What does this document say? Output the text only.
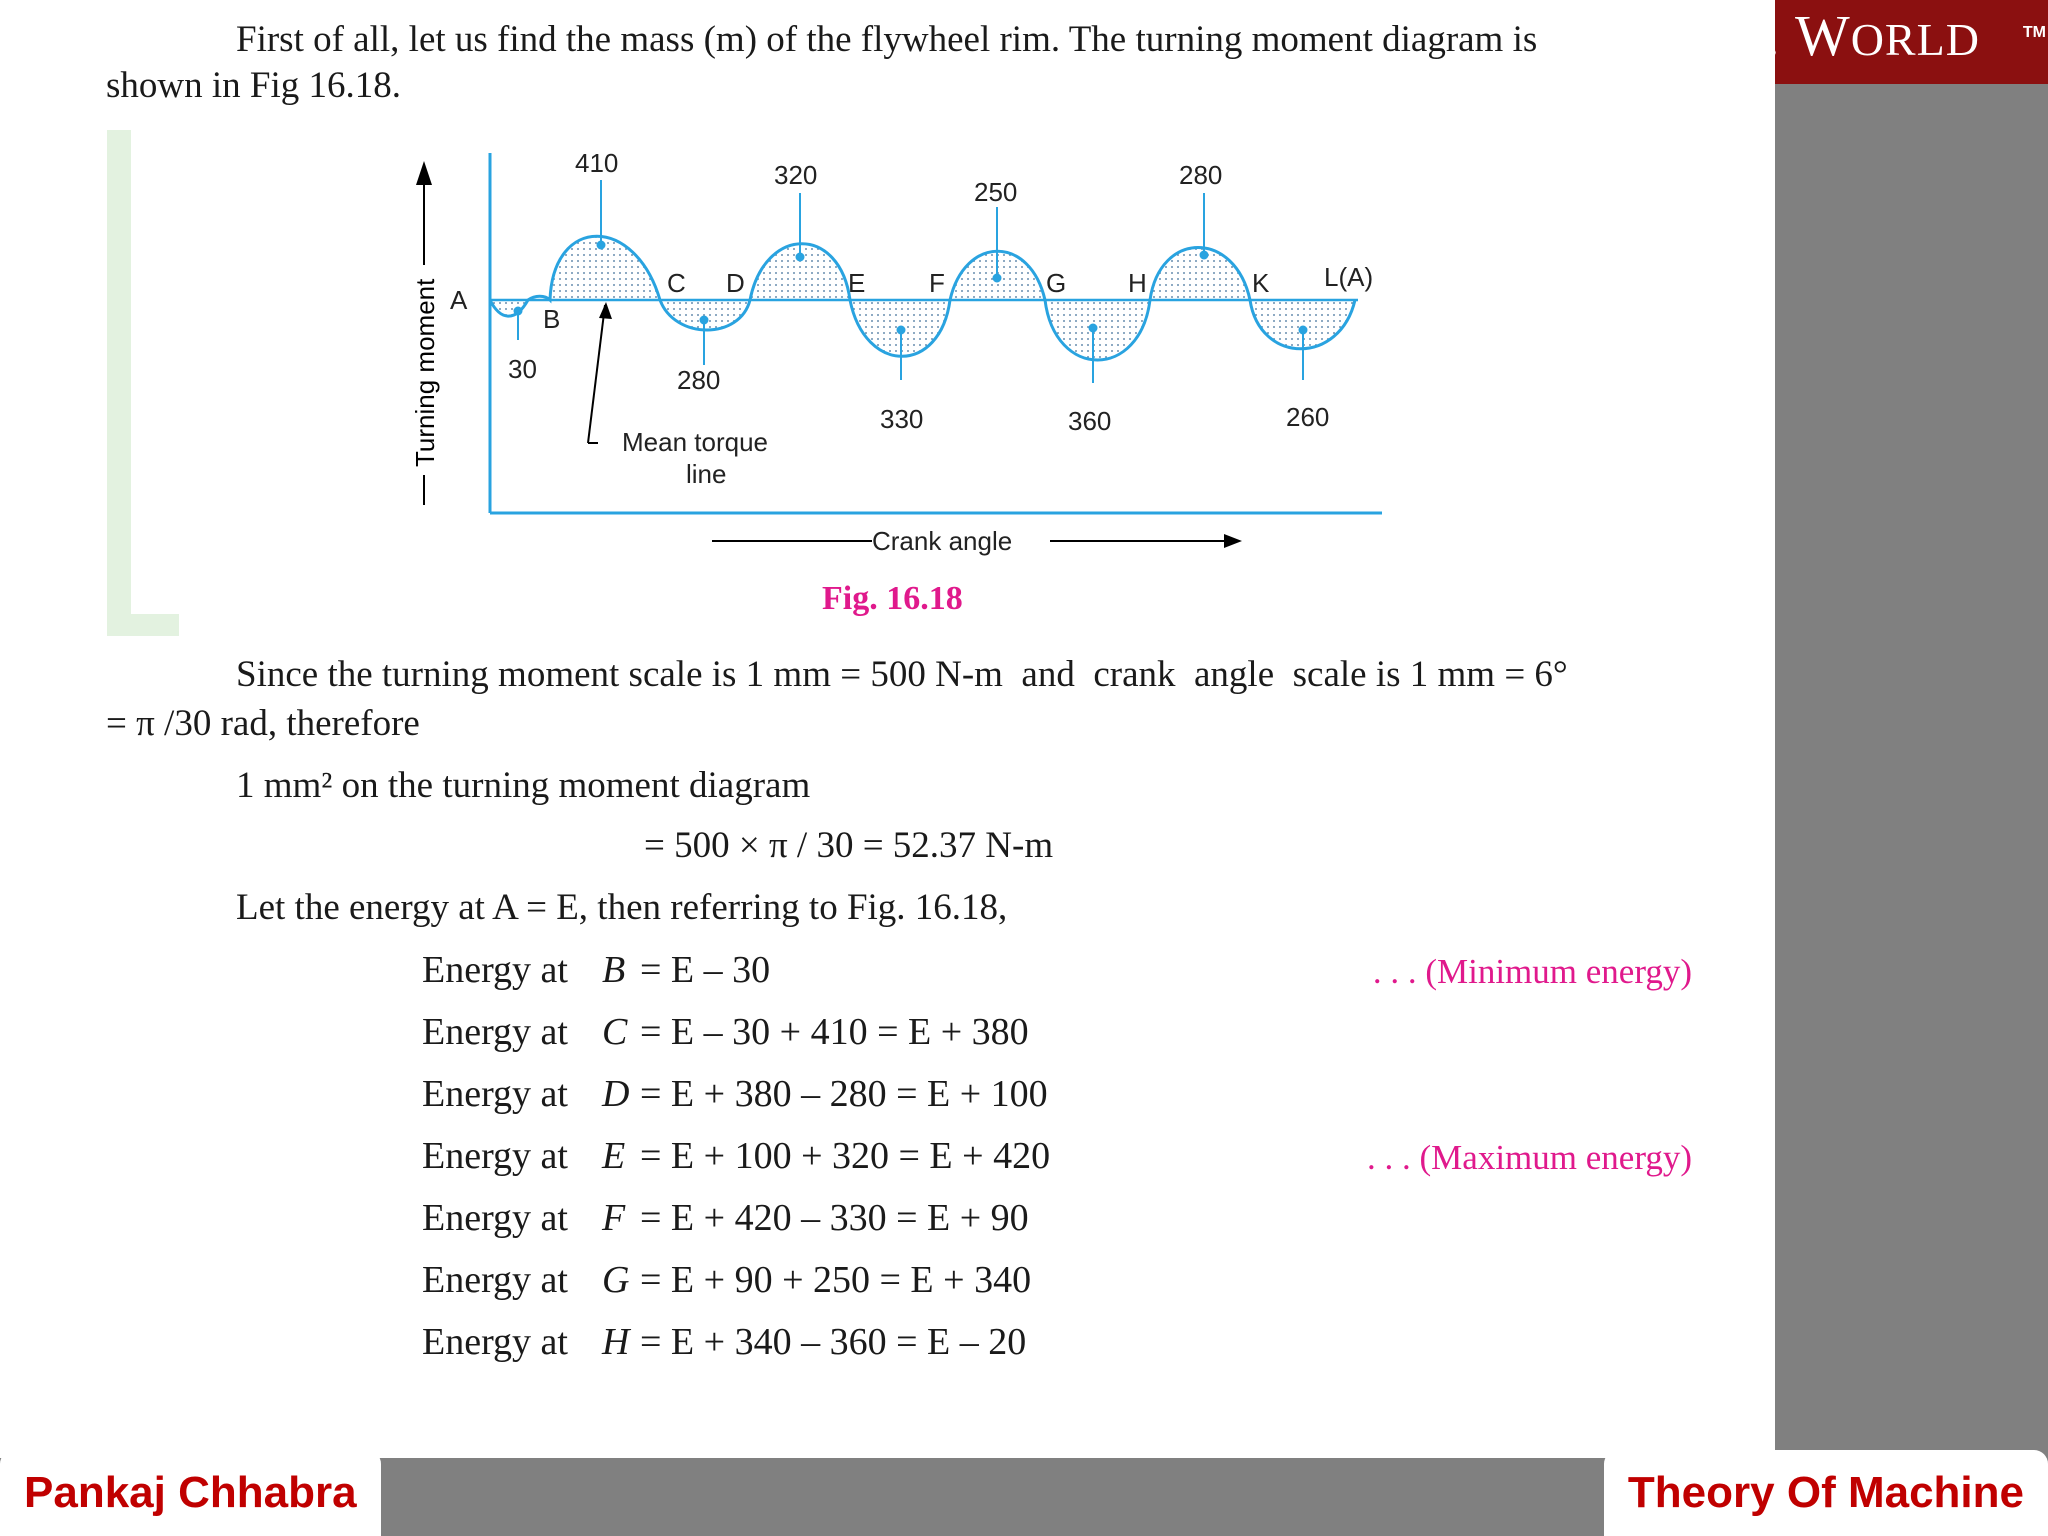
. WORLD	TM
First of all, let us find the mass (m) of the flywheel rim. The turning moment diagram is
shown in Fig 16.18.
Turning moment
410	320
250
280
30	280
330	360	260
A
B
C D	E F	G H	K L(A)
Mean torque
line
Crank angle
Fig. 16.18
Since the turning moment scale is 1 mm = 500 N-m  and  crank  angle  scale is 1 mm = 6°
= π /30 rad, therefore
1 mm² on the turning moment diagram
= 500 × π / 30 = 52.37 N-m
Let the energy at A = E, then referring to Fig. 16.18,
Energy at B = E – 30	. . . (Minimum energy)
Energy at C = E – 30 + 410 = E + 380
Energy at D = E + 380 – 280 = E + 100
Energy at E = E + 100 + 320 = E + 420	. . . (Maximum energy)
Energy at F = E + 420 – 330 = E + 90
Energy at G = E + 90 + 250 = E + 340
Energy at H = E + 340 – 360 = E – 20
Pankaj Chhabra	Theory Of Machine
